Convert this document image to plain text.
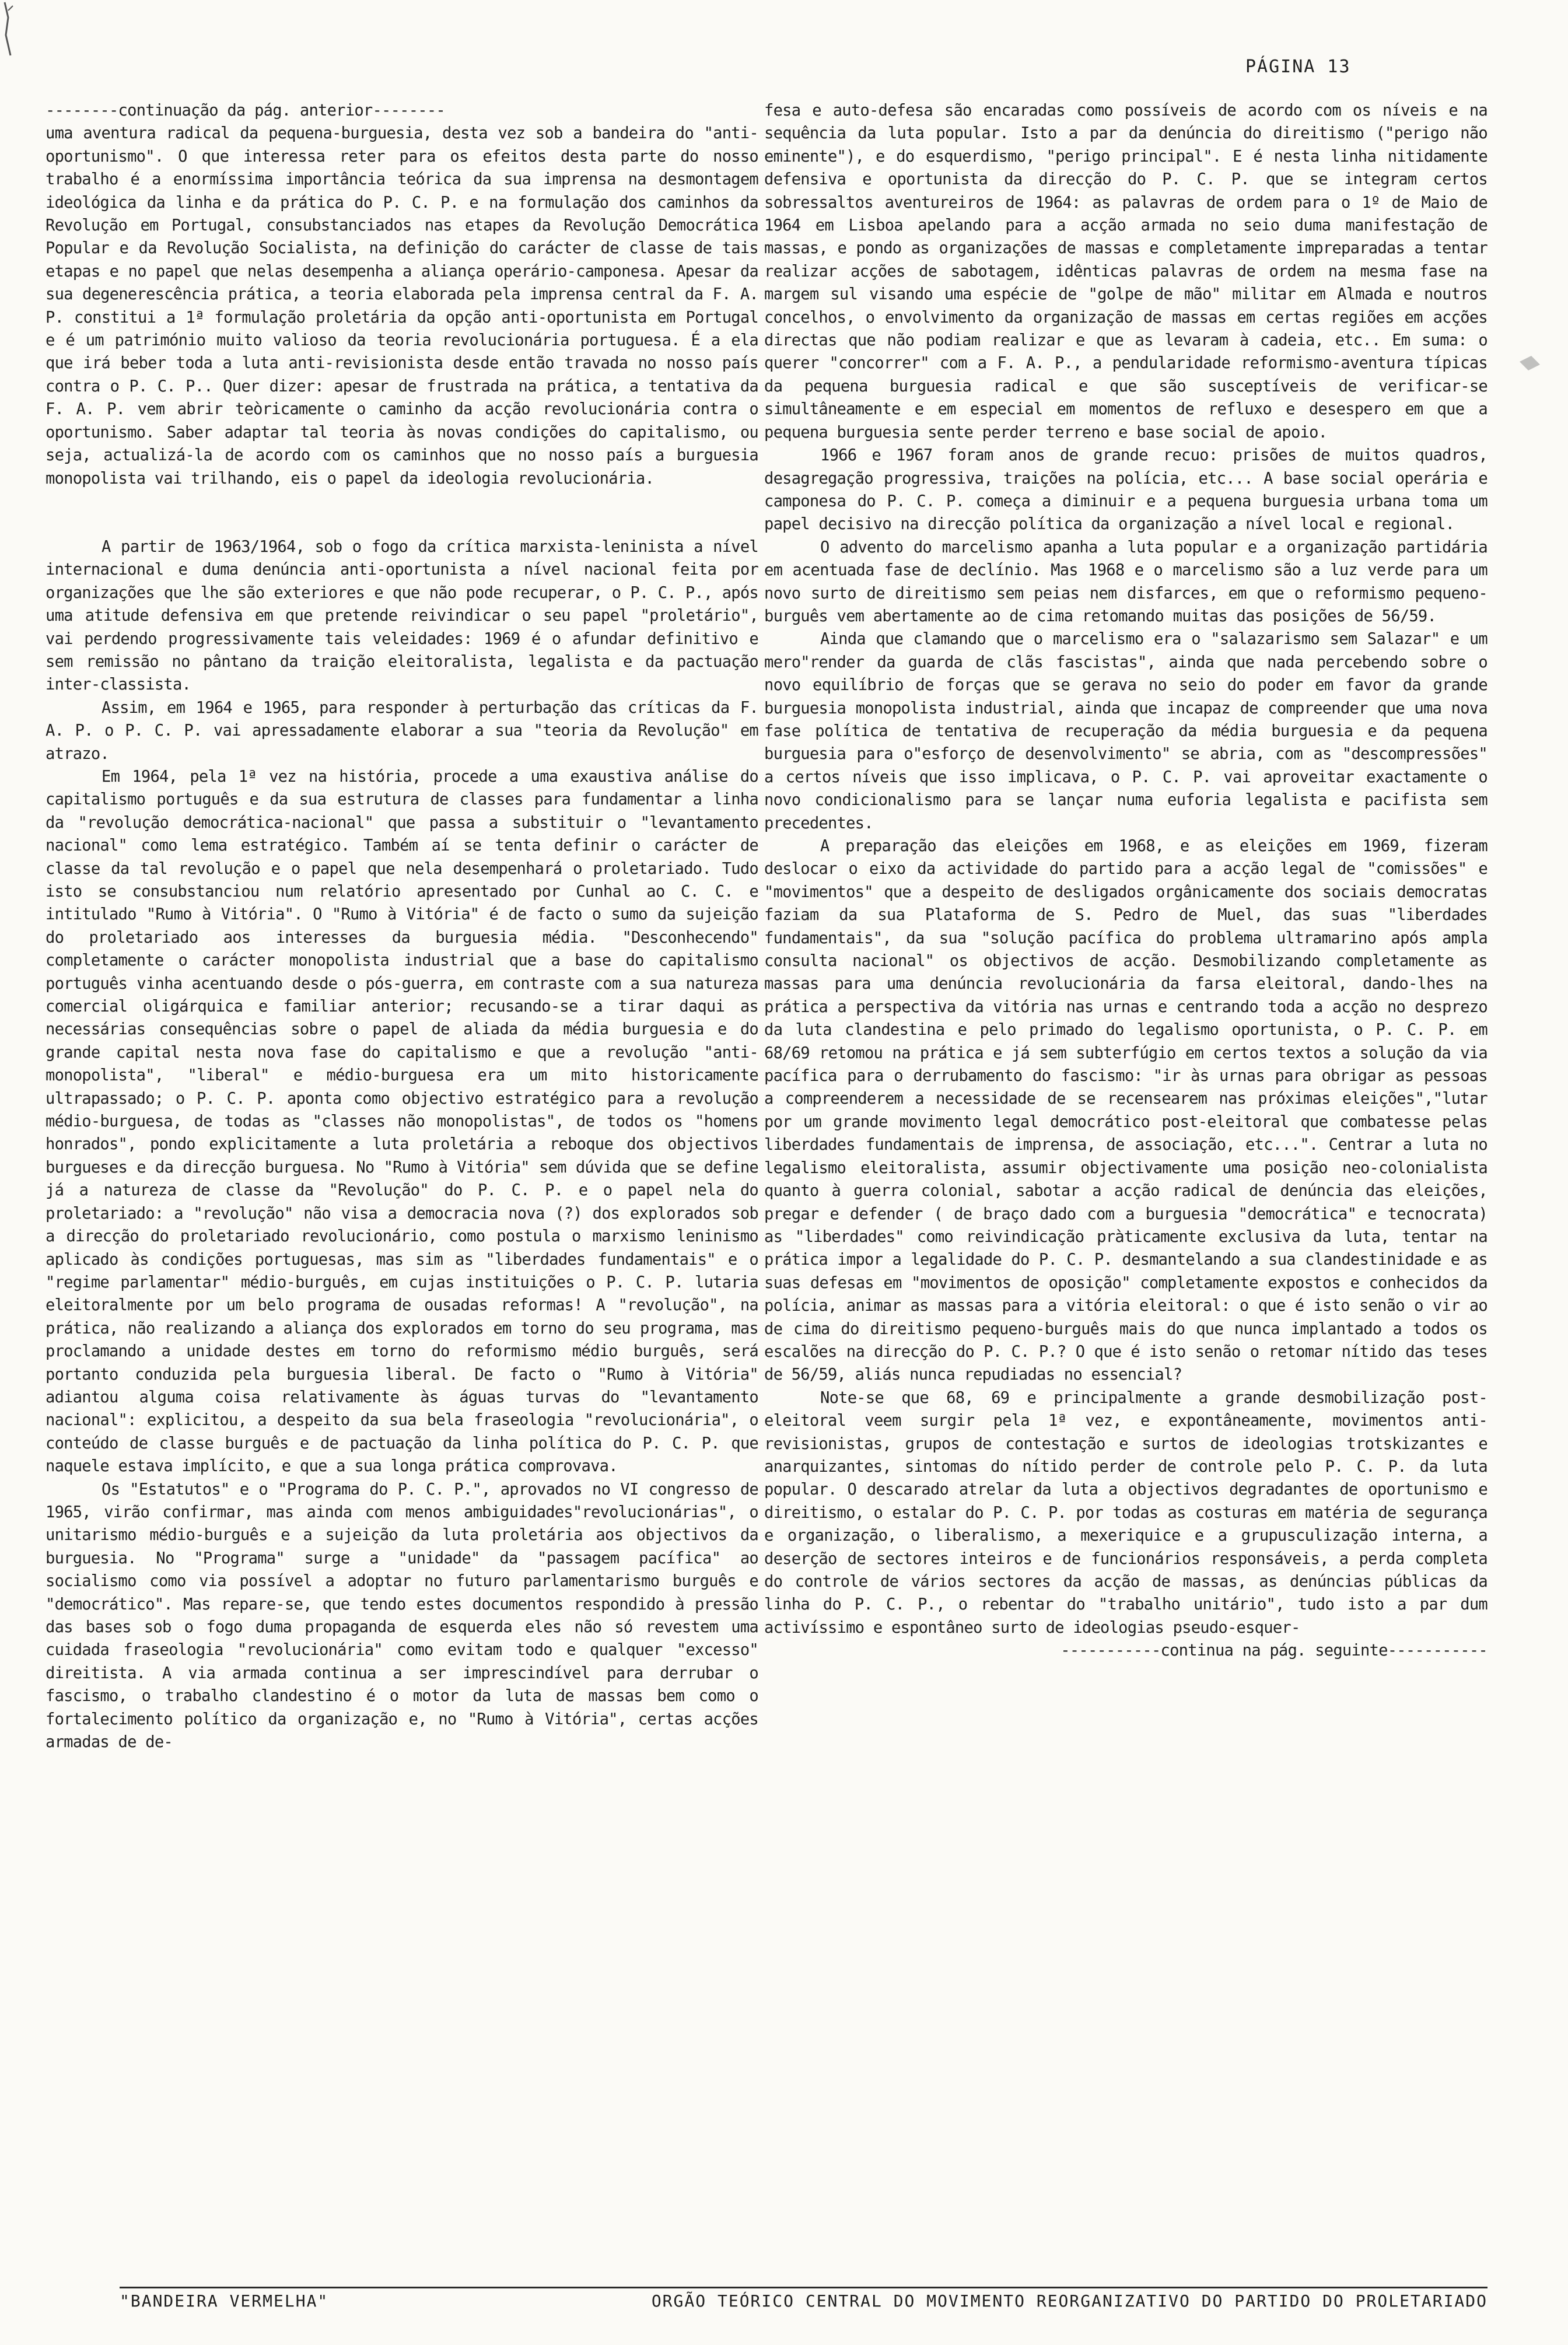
PÁGINA 13

--------continuação da pág. anterior--------

uma aventura radical da pequena-burguesia, desta vez sob a bandeira do "anti-oportunismo". O que interessa reter para os efeitos desta parte do nosso trabalho é a enormíssima importância teórica da sua imprensa na desmontagem ideológica da linha e da prática do P. C. P. e na formulação dos caminhos da Revolução em Portugal, consubstanciados nas etapes da Revolução Democrática Popular e da Revolução Socialista, na definição do carácter de classe de tais etapas e no papel que nelas desempenha a aliança operário-camponesa. Apesar da sua degenerescência prática, a teoria elaborada pela imprensa central da F. A. P. constitui a 1ª formulação proletária da opção anti-oportunista em Portugal e é um património muito valioso da teoria revolucionária portuguesa. É a ela que irá beber toda a luta anti-revisionista desde então travada no nosso país contra o P. C. P.. Quer dizer: apesar de frustrada na prática, a tentativa da F. A. P. vem abrir teòricamente o caminho da acção revolucionária contra o oportunismo. Saber adaptar tal teoria às novas condições do capitalismo, ou seja, actualizá-la de acordo com os caminhos que no nosso país a burguesia monopolista vai trilhando, eis o papel da ideologia revolucionária.

A partir de 1963/1964, sob o fogo da crítica marxista-leninista a nível internacional e duma denúncia anti-oportunista a nível nacional feita por organizações que lhe são exteriores e que não pode recuperar, o P. C. P., após uma atitude defensiva em que pretende reivindicar o seu papel "proletário", vai perdendo progressivamente tais veleidades: 1969 é o afundar definitivo e sem remissão no pântano da traição eleitoralista, legalista e da pactuação inter-classista.

Assim, em 1964 e 1965, para responder à perturbação das críticas da F. A. P. o P. C. P. vai apressadamente elaborar a sua "teoria da Revolução" em atrazo.

Em 1964, pela 1ª vez na história, procede a uma exaustiva análise do capitalismo português e da sua estrutura de classes para fundamentar a linha da "revolução democrática-nacional" que passa a substituir o "levantamento nacional" como lema estratégico. Também aí se tenta definir o carácter de classe da tal revolução e o papel que nela desempenhará o proletariado. Tudo isto se consubstanciou num relatório apresentado por Cunhal ao C. C. e intitulado "Rumo à Vitória". O "Rumo à Vitória" é de facto o sumo da sujeição do proletariado aos interesses da burguesia média. "Desconhecendo" completamente o carácter monopolista industrial que a base do capitalismo português vinha acentuando desde o pós-guerra, em contraste com a sua natureza comercial oligárquica e familiar anterior; recusando-se a tirar daqui as necessárias consequências sobre o papel de aliada da média burguesia e do grande capital nesta nova fase do capitalismo e que a revolução "anti-monopolista", "liberal" e médio-burguesa era um mito historicamente ultrapassado; o P. C. P. aponta como objectivo estratégico para a revolução médio-burguesa, de todas as "classes não monopolistas", de todos os "homens honrados", pondo explicitamente a luta proletária a reboque dos objectivos burgueses e da direcção burguesa. No "Rumo à Vitória" sem dúvida que se define já a natureza de classe da "Revolução" do P. C. P. e o papel nela do proletariado: a "revolução" não visa a democracia nova (?) dos explorados sob a direcção do proletariado revolucionário, como postula o marxismo leninismo aplicado às condições portuguesas, mas sim as "liberdades fundamentais" e o "regime parlamentar" médio-burguês, em cujas instituições o P. C. P. lutaria eleitoralmente por um belo programa de ousadas reformas! A "revolução", na prática, não realizando a aliança dos explorados em torno do seu programa, mas proclamando a unidade destes em torno do reformismo médio burguês, será portanto conduzida pela burguesia liberal. De facto o "Rumo à Vitória" adiantou alguma coisa relativamente às águas turvas do "levantamento nacional": explicitou, a despeito da sua bela fraseologia "revolucionária", o conteúdo de classe burguês e de pactuação da linha política do P. C. P. que naquele estava implícito, e que a sua longa prática comprovava.

Os "Estatutos" e o "Programa do P. C. P.", aprovados no VI congresso de 1965, virão confirmar, mas ainda com menos ambiguidades"revolucionárias", o unitarismo médio-burguês e a sujeição da luta proletária aos objectivos da burguesia. No "Programa" surge a "unidade" da "passagem pacífica" ao socialismo como via possível a adoptar no futuro parlamentarismo burguês e "democrático". Mas repare-se, que tendo estes documentos respondido à pressão das bases sob o fogo duma propaganda de esquerda eles não só revestem uma cuidada fraseologia "revolucionária" como evitam todo e qualquer "excesso" direitista. A via armada continua a ser imprescindível para derrubar o fascismo, o trabalho clandestino é o motor da luta de massas bem como o fortalecimento político da organização e, no "Rumo à Vitória", certas acções armadas de de-

fesa e auto-defesa são encaradas como possíveis de acordo com os níveis e na sequência da luta popular. Isto a par da denúncia do direitismo ("perigo não eminente"), e do esquerdismo, "perigo principal". E é nesta linha nitidamente defensiva e oportunista da direcção do P. C. P. que se integram certos sobressaltos aventureiros de 1964: as palavras de ordem para o 1º de Maio de 1964 em Lisboa apelando para a acção armada no seio duma manifestação de massas, e pondo as organizações de massas e completamente impreparadas a tentar realizar acções de sabotagem, idênticas palavras de ordem na mesma fase na margem sul visando uma espécie de "golpe de mão" militar em Almada e noutros concelhos, o envolvimento da organização de massas em certas regiões em acções directas que não podiam realizar e que as levaram à cadeia, etc.. Em suma: o querer "concorrer" com a F. A. P., a pendularidade reformismo-aventura típicas da pequena burguesia radical e que são susceptíveis de verificar-se simultâneamente e em especial em momentos de refluxo e desespero em que a pequena burguesia sente perder terreno e base social de apoio.

1966 e 1967 foram anos de grande recuo: prisões de muitos quadros, desagregação progressiva, traições na polícia, etc... A base social operária e camponesa do P. C. P. começa a diminuir e a pequena burguesia urbana toma um papel decisivo na direcção política da organização a nível local e regional.

O advento do marcelismo apanha a luta popular e a organização partidária em acentuada fase de declínio. Mas 1968 e o marcelismo são a luz verde para um novo surto de direitismo sem peias nem disfarces, em que o reformismo pequeno-burguês vem abertamente ao de cima retomando muitas das posições de 56/59.

Ainda que clamando que o marcelismo era o "salazarismo sem Salazar" e um mero"render da guarda de clãs fascistas", ainda que nada percebendo sobre o novo equilíbrio de forças que se gerava no seio do poder em favor da grande burguesia monopolista industrial, ainda que incapaz de compreender que uma nova fase política de tentativa de recuperação da média burguesia e da pequena burguesia para o"esforço de desenvolvimento" se abria, com as "descompressões" a certos níveis que isso implicava, o P. C. P. vai aproveitar exactamente o novo condicionalismo para se lançar numa euforia legalista e pacifista sem precedentes.

A preparação das eleições em 1968, e as eleições em 1969, fizeram deslocar o eixo da actividade do partido para a acção legal de "comissões" e "movimentos" que a despeito de desligados orgânicamente dos sociais democratas faziam da sua Plataforma de S. Pedro de Muel, das suas "liberdades fundamentais", da sua "solução pacífica do problema ultramarino após ampla consulta nacional" os objectivos de acção. Desmobilizando completamente as massas para uma denúncia revolucionária da farsa eleitoral, dando-lhes na prática a perspectiva da vitória nas urnas e centrando toda a acção no desprezo da luta clandestina e pelo primado do legalismo oportunista, o P. C. P. em 68/69 retomou na prática e já sem subterfúgio em certos textos a solução da via pacífica para o derrubamento do fascismo: "ir às urnas para obrigar as pessoas a compreenderem a necessidade de se recensearem nas próximas eleições","lutar por um grande movimento legal democrático post-eleitoral que combatesse pelas liberdades fundamentais de imprensa, de associação, etc...". Centrar a luta no legalismo eleitoralista, assumir objectivamente uma posição neo-colonialista quanto à guerra colonial, sabotar a acção radical de denúncia das eleições, pregar e defender ( de braço dado com a burguesia "democrática" e tecnocrata) as "liberdades" como reivindicação pràticamente exclusiva da luta, tentar na prática impor a legalidade do P. C. P. desmantelando a sua clandestinidade e as suas defesas em "movimentos de oposição" completamente expostos e conhecidos da polícia, animar as massas para a vitória eleitoral: o que é isto senão o vir ao de cima do direitismo pequeno-burguês mais do que nunca implantado a todos os escalões na direcção do P. C. P.? O que é isto senão o retomar nítido das teses de 56/59, aliás nunca repudiadas no essencial?

Note-se que 68, 69 e principalmente a grande desmobilização post-eleitoral veem surgir pela 1ª vez, e expontâneamente, movimentos anti-revisionistas, grupos de contestação e surtos de ideologias trotskizantes e anarquizantes, sintomas do nítido perder de controle pelo P. C. P. da luta popular. O descarado atrelar da luta a objectivos degradantes de oportunismo e direitismo, o estalar do P. C. P. por todas as costuras em matéria de segurança e organização, o liberalismo, a mexeriquice e a grupusculização interna, a deserção de sectores inteiros e de funcionários responsáveis, a perda completa do controle de vários sectores da acção de massas, as denúncias públicas da linha do P. C. P., o rebentar do "trabalho unitário", tudo isto a par dum activíssimo e espontâneo surto de ideologias pseudo-esquer-

-----------continua na pág. seguinte-----------

"BANDEIRA VERMELHA"	ORGÃO TEÓRICO CENTRAL DO MOVIMENTO REORGANIZATIVO DO PARTIDO DO PROLETARIADO
